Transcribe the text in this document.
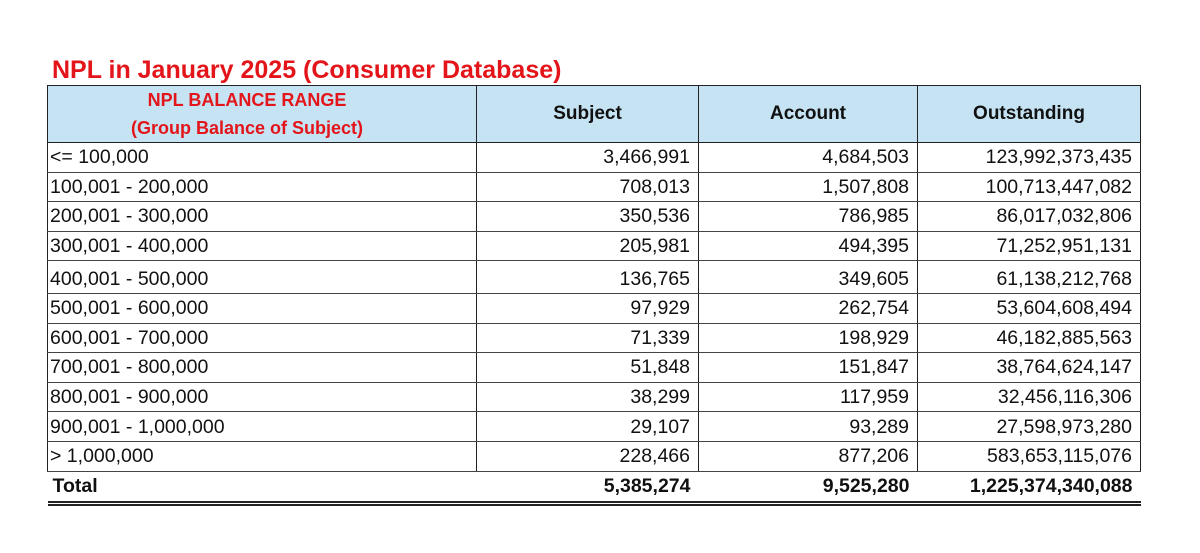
NPL in January 2025 (Consumer Database)
NPL BALANCE RANGE
(Group Balance of Subject)	Subject	Account	Outstanding
<= 100,000	3,466,991	4,684,503	123,992,373,435
100,001 - 200,000	708,013	1,507,808	100,713,447,082
200,001 - 300,000	350,536	786,985	86,017,032,806
300,001 - 400,000	205,981	494,395	71,252,951,131
400,001 - 500,000	136,765	349,605	61,138,212,768
500,001 - 600,000	97,929	262,754	53,604,608,494
600,001 - 700,000	71,339	198,929	46,182,885,563
700,001 - 800,000	51,848	151,847	38,764,624,147
800,001 - 900,000	38,299	117,959	32,456,116,306
900,001 - 1,000,000	29,107	93,289	27,598,973,280
> 1,000,000	228,466	877,206	583,653,115,076
Total	5,385,274	9,525,280	1,225,374,340,088
